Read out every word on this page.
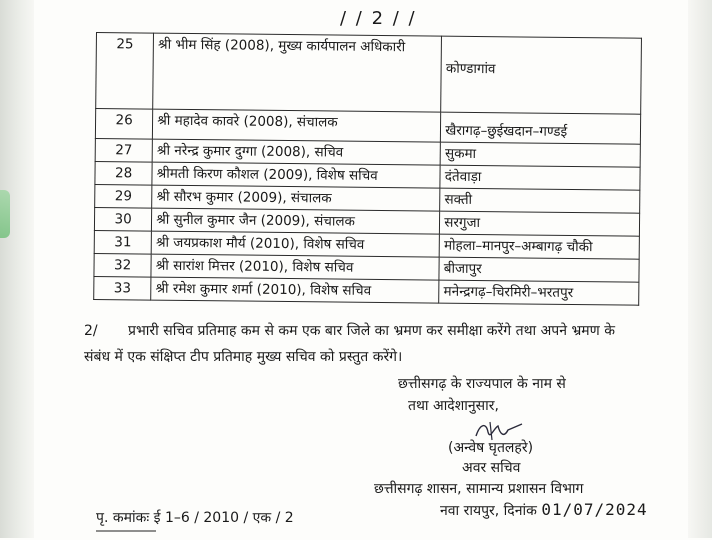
/ / 2 / /
25	श्री भीम सिंह (2008), मुख्य कार्यपालन अधिकारी	कोण्डागांव
26	श्री महादेव कावरे (2008), संचालक	खैरागढ़–छुईखदान–गण्डई
27	श्री नरेन्द्र कुमार दुग्गा (2008), सचिव	सुकमा
28	श्रीमती किरण कौशल (2009), विशेष सचिव	दंतेवाड़ा
29	श्री सौरभ कुमार (2009), संचालक	सक्ती
30	श्री सुनील कुमार जैन (2009), संचालक	सरगुजा
31	श्री जयप्रकाश मौर्य (2010), विशेष सचिव	मोहला–मानपुर–अम्बागढ़ चौकी
32	श्री सारांश मित्तर (2010), विशेष सचिव	बीजापुर
33	श्री रमेश कुमार शर्मा (2010), विशेष सचिव	मनेन्द्रगढ़–चिरमिरी–भरतपुर
2/ प्रभारी सचिव प्रतिमाह कम से कम एक बार जिले का भ्रमण कर समीक्षा करेंगे तथा अपने भ्रमण के संबंध में एक संक्षिप्त टीप प्रतिमाह मुख्य सचिव को प्रस्तुत करेंगे।
छत्तीसगढ़ के राज्यपाल के नाम से
तथा आदेशानुसार,
(अन्वेष घृतलहरे)
अवर सचिव
छत्तीसगढ़ शासन, सामान्य प्रशासन विभाग
पृ. कमांकः ई 1–6 / 2010 / एक / 2	नवा रायपुर, दिनांक 01/07/2024
